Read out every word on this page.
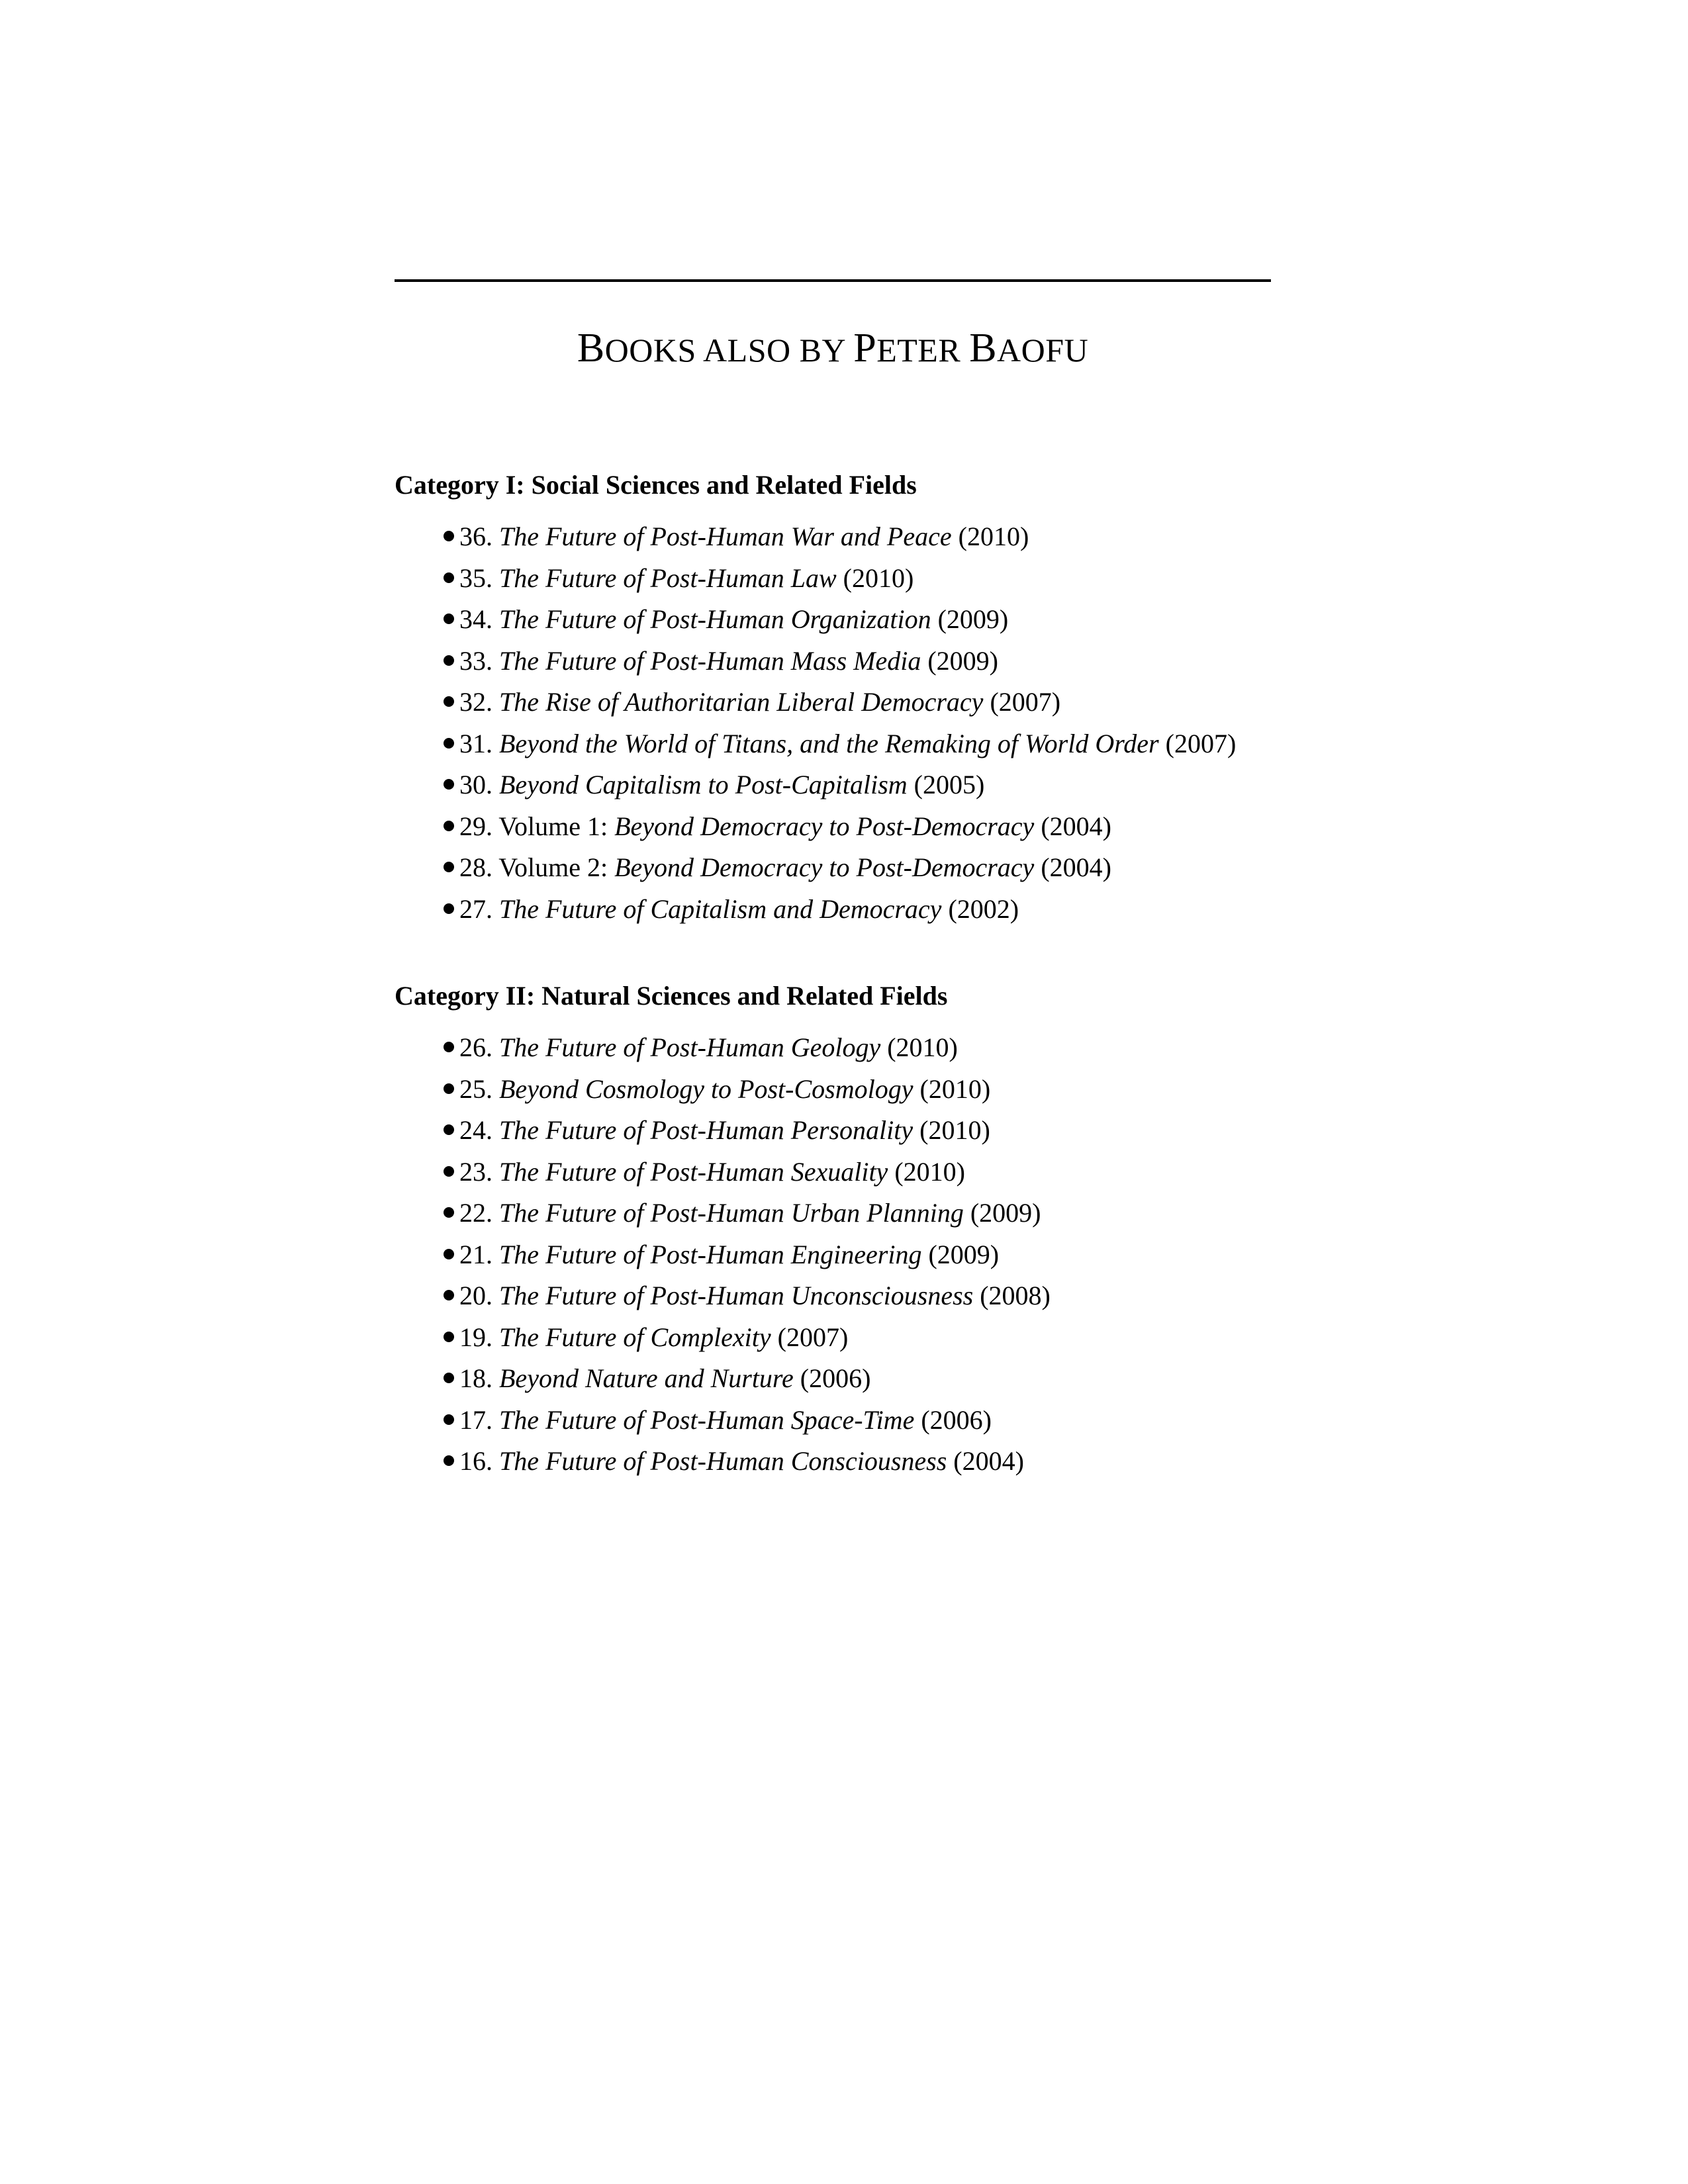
BOOKS ALSO BY PETER BAOFU
Category I: Social Sciences and Related Fields
36. The Future of Post-Human War and Peace (2010)
35. The Future of Post-Human Law (2010)
34. The Future of Post-Human Organization (2009)
33. The Future of Post-Human Mass Media (2009)
32. The Rise of Authoritarian Liberal Democracy (2007)
31. Beyond the World of Titans, and the Remaking of World Order (2007)
30. Beyond Capitalism to Post-Capitalism (2005)
29. Volume 1: Beyond Democracy to Post-Democracy (2004)
28. Volume 2: Beyond Democracy to Post-Democracy (2004)
27. The Future of Capitalism and Democracy (2002)
Category II: Natural Sciences and Related Fields
26. The Future of Post-Human Geology (2010)
25. Beyond Cosmology to Post-Cosmology (2010)
24. The Future of Post-Human Personality (2010)
23. The Future of Post-Human Sexuality (2010)
22. The Future of Post-Human Urban Planning (2009)
21. The Future of Post-Human Engineering (2009)
20. The Future of Post-Human Unconsciousness (2008)
19. The Future of Complexity (2007)
18. Beyond Nature and Nurture (2006)
17. The Future of Post-Human Space-Time (2006)
16. The Future of Post-Human Consciousness (2004)
